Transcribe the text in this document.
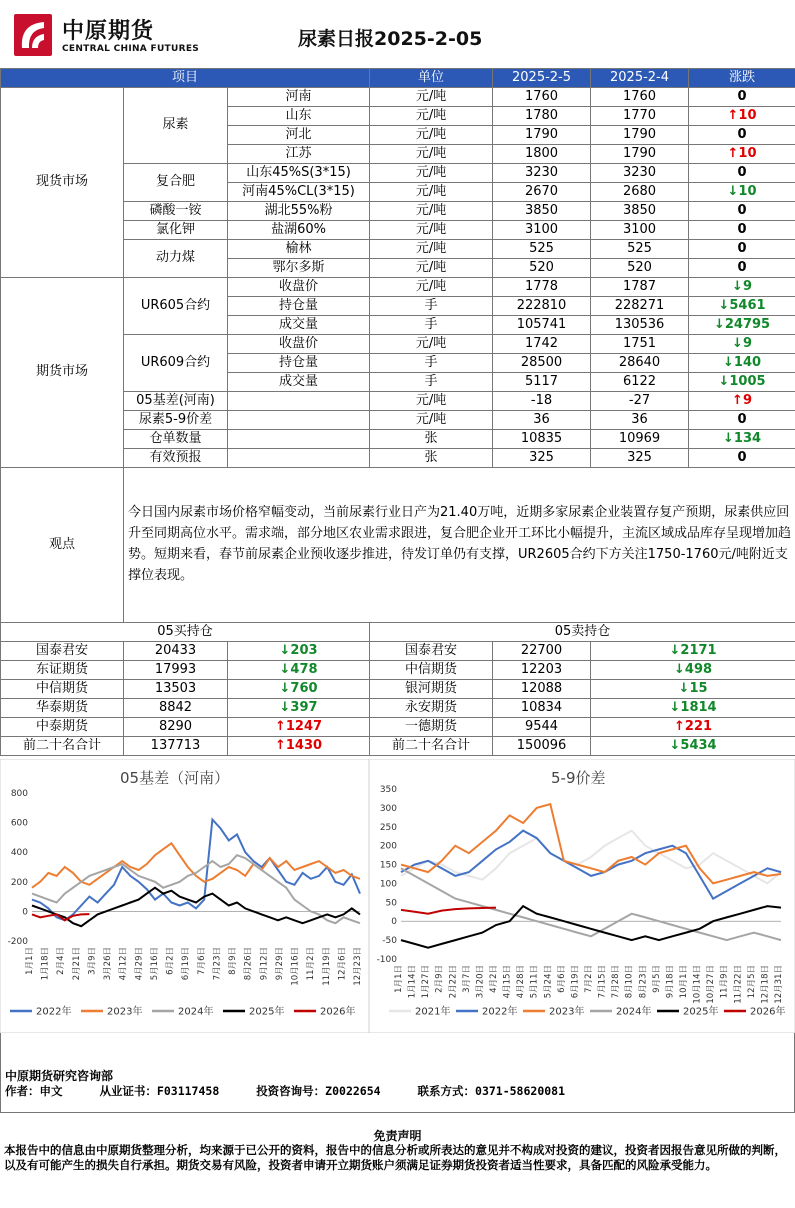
中原期货
CENTRAL CHINA FUTURES	尿素日报2025-2-05
项目			单位	2025-2-5	2025-2-4	涨跌
现货市场	尿素	河南	元/吨	1760	1760	0
		山东	元/吨	1780	1770	↑10
		河北	元/吨	1790	1790	0
		江苏	元/吨	1800	1790	↑10
	复合肥	山东45%S(3*15)	元/吨	3230	3230	0
		河南45%CL(3*15)	元/吨	2670	2680	↓10
	磷酸一铵	湖北55%粉	元/吨	3850	3850	0
	氯化钾	盐湖60%	元/吨	3100	3100	0
	动力煤	榆林	元/吨	525	525	0
		鄂尔多斯	元/吨	520	520	0
期货市场	UR605合约	收盘价	元/吨	1778	1787	↓9
		持仓量	手	222810	228271	↓5461
		成交量	手	105741	130536	↓24795
	UR609合约	收盘价	元/吨	1742	1751	↓9
		持仓量	手	28500	28640	↓140
		成交量	手	5117	6122	↓1005
	05基差(河南)		元/吨	-18	-27	↑9
	尿素5-9价差		元/吨	36	36	0
	仓单数量		张	10835	10969	↓134
	有效预报		张	325	325	0
观点	今日国内尿素市场价格窄幅变动，当前尿素行业日产为21.40万吨，近期多家尿素企业装置存复产预期，尿素供应回升至同期高位水平。需求端，部分地区农业需求跟进，复合肥企业开工环比小幅提升，主流区域成品库存呈现增加趋势。短期来看，春节前尿素企业预收逐步推进，待发订单仍有支撑，UR2605合约下方关注1750-1760元/吨附近支撑位表现。
05买持仓			05卖持仓		
国泰君安	20433	↓203	国泰君安	22700	↓2171
东证期货	17993	↓478	中信期货	12203	↓498
中信期货	13503	↓760	银河期货	12088	↓15
华泰期货	8842	↓397	永安期货	10834	↓1814
中泰期货	8290	↑1247	一德期货	9544	↑221
前二十名合计	137713	↑1430	前二十名合计	150096	↓5434
05基差（河南）
800
600
400
200
0
-200
1月1日 1月18日 2月4日 2月21日 3月9日 3月26日 4月12日 4月29日 5月16日 6月2日 6月19日 7月6日 7月23日 8月9日 8月26日 9月12日 9月29日 10月16日 11月2日 11月19日 12月6日 12月23日
2022年	2023年	2024年	2025年	2026年
5-9价差
350
300
250
200
150
100
50
0
-50
-100
1月1日 1月14日 1月27日 2月9日 2月22日 3月7日 3月20日 4月2日 4月15日 4月28日 5月11日 5月24日 6月6日 6月19日 7月2日 7月15日 7月28日 8月10日 8月23日 9月5日 9月18日 10月1日 10月14日 10月27日 11月9日 11月22日 12月5日 12月18日 12月31日
2021年	2022年	2023年	2024年	2025年	2026年
中原期货研究咨询部
作者：申文	从业证书：F03117458	投资咨询号：Z0022654	联系方式：0371-58620081
免责声明
本报告中的信息由中原期货整理分析，均来源于已公开的资料，报告中的信息分析或所表达的意见并不构成对投资的建议，投资者因报告意见所做的判断，以及有可能产生的损失自行承担。期货交易有风险，投资者申请开立期货账户须满足证券期货投资者适当性要求，具备匹配的风险承受能力。
